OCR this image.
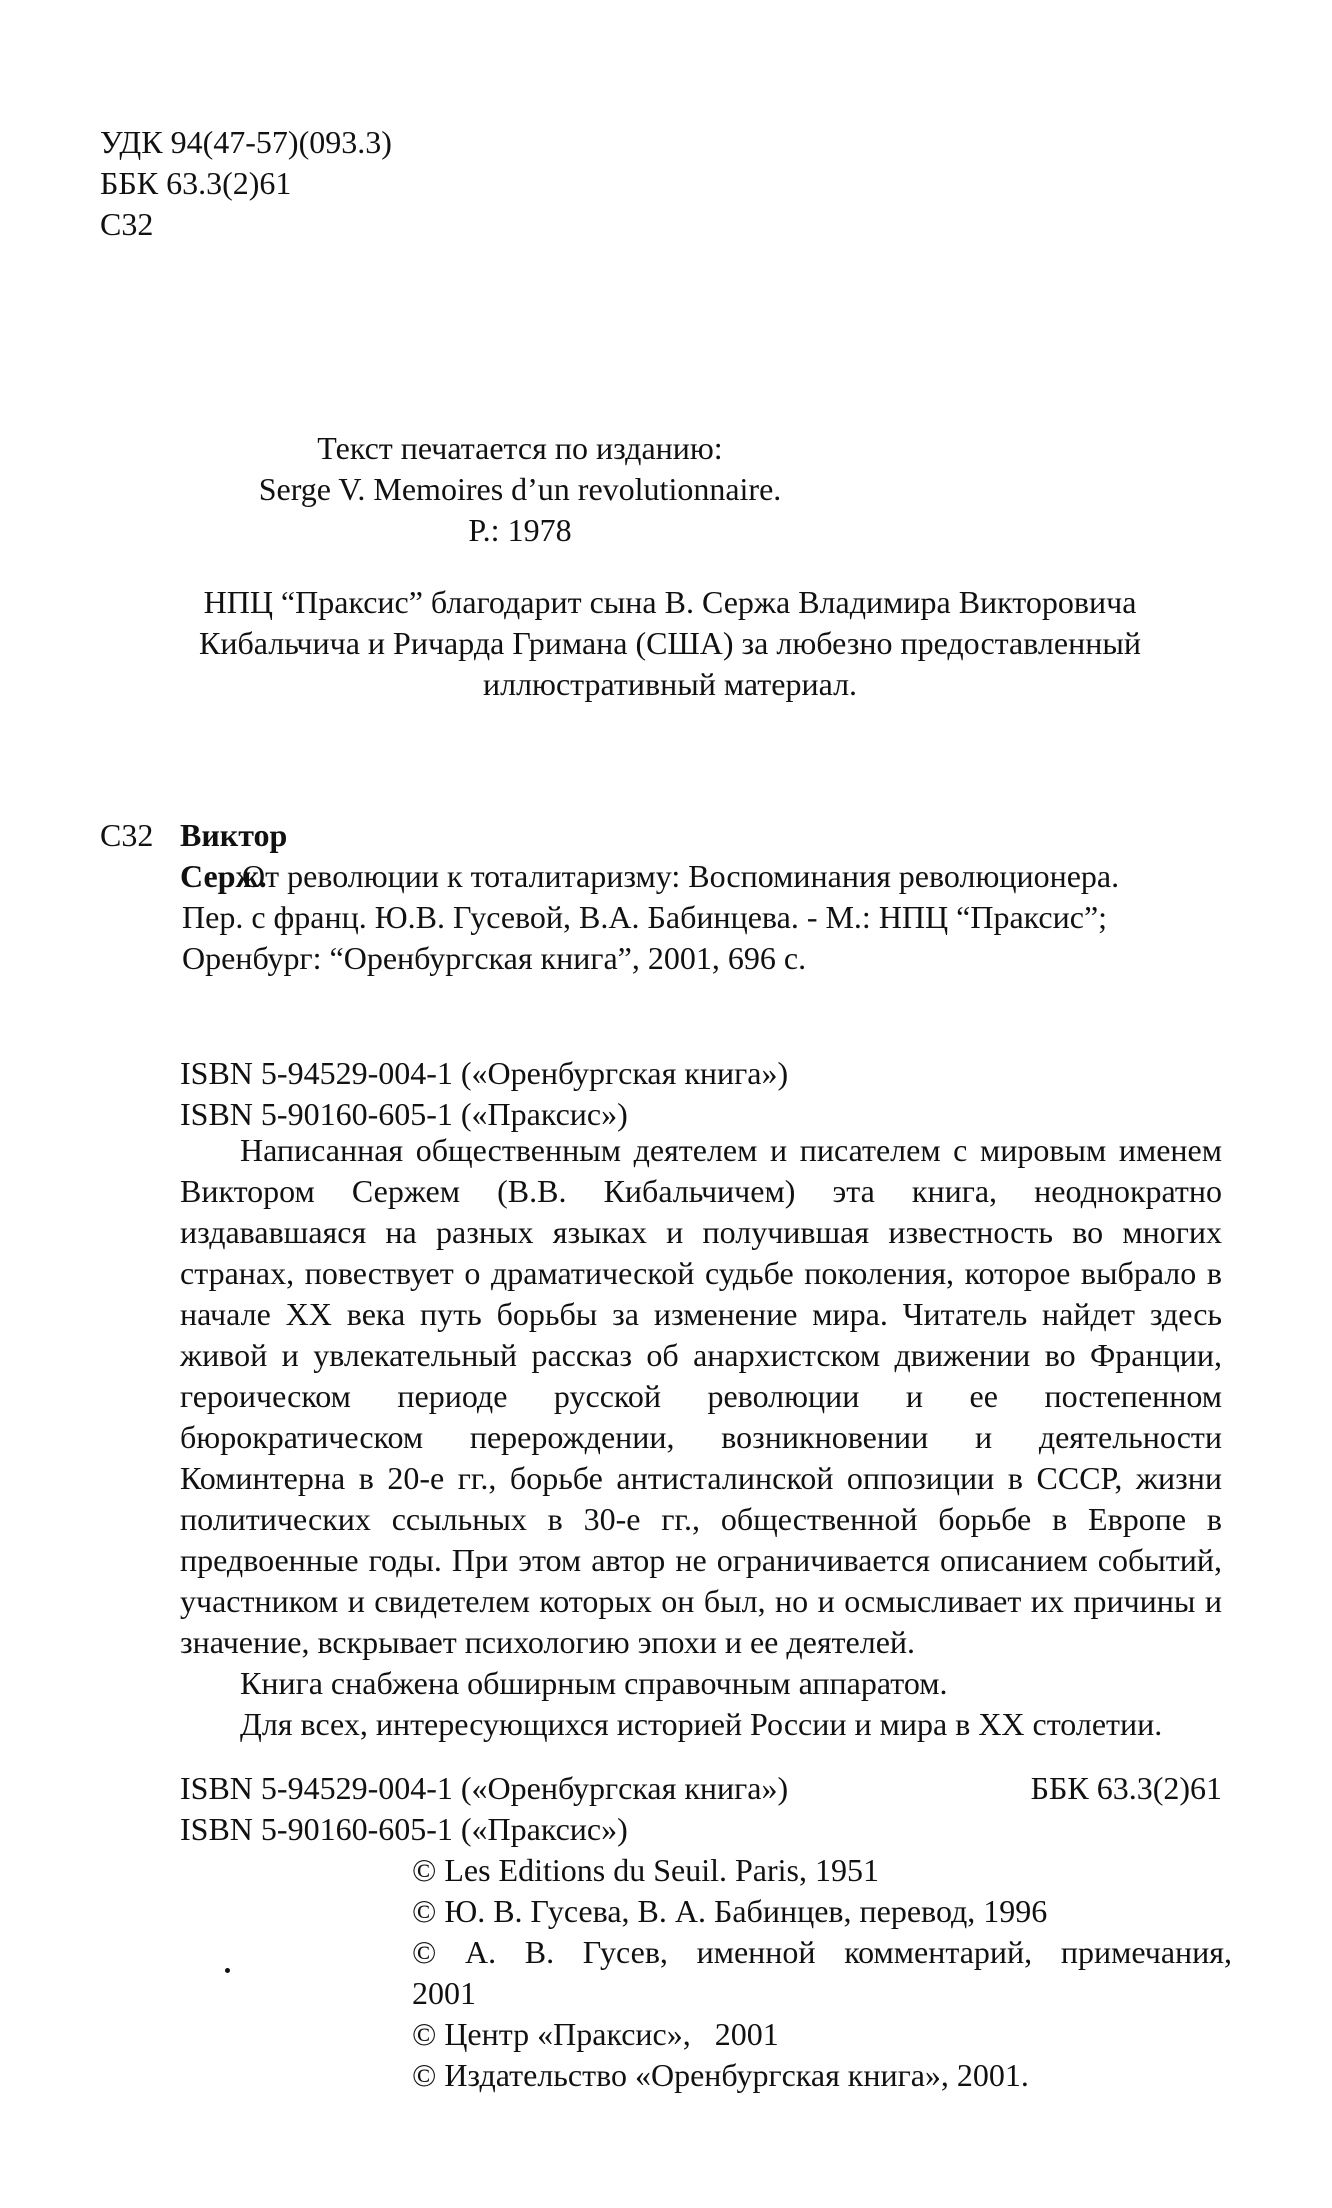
УДК 94(47-57)(093.3)
ББК 63.3(2)61
С32
Текст печатается по изданию:
Serge V. Memoires d’un revolutionnaire.
P.: 1978
НПЦ “Праксис” благодарит сына В. Сержа Владимира Викторовича
Кибальчича и Ричарда Гримана (США) за любезно предоставленный
иллюстративный материал.
С32 Виктор Серж.
От революции к тоталитаризму: Воспоминания революционера.
Пер. с франц. Ю.В. Гусевой, В.А. Бабинцева. - М.: НПЦ “Праксис”;
Оренбург: “Оренбургская книга”, 2001, 696 с.
ISBN 5-94529-004-1 («Оренбургская книга»)
ISBN 5-90160-605-1 («Праксис»)

Написанная общественным деятелем и писателем с мировым именем Виктором Сержем (В.В. Кибальчичем) эта книга, неоднократно издававшаяся на разных языках и получившая известность во многих странах, повествует о драматической судьбе поколения, которое выбрало в начале XX века путь борьбы за изменение мира. Читатель найдет здесь живой и увлекательный рассказ об анархистском движении во Франции, героическом периоде русской революции и ее постепенном бюрократическом перерождении, возникновении и деятельности Коминтерна в 20-е гг., борьбе антисталинской оппозиции в СССР, жизни политических ссыльных в 30-е гг., общественной борьбе в Европе в предвоенные годы. При этом автор не ограничивается описанием событий, участником и свидетелем которых он был, но и осмысливает их причины и значение, вскрывает психологию эпохи и ее деятелей.

Книга снабжена обширным справочным аппаратом.

Для всех, интересующихся историей России и мира в XX столетии.

ISBN 5-94529-004-1 («Оренбургская книга»)	ББК 63.3(2)61
ISBN 5-90160-605-1 («Праксис»)
© Les Editions du Seuil. Paris, 1951
© Ю. В. Гусева, В. А. Бабинцев, перевод, 1996
© А. В. Гусев, именной комментарий, примечания,
2001
© Центр «Праксис»,   2001
© Издательство «Оренбургская книга», 2001.
